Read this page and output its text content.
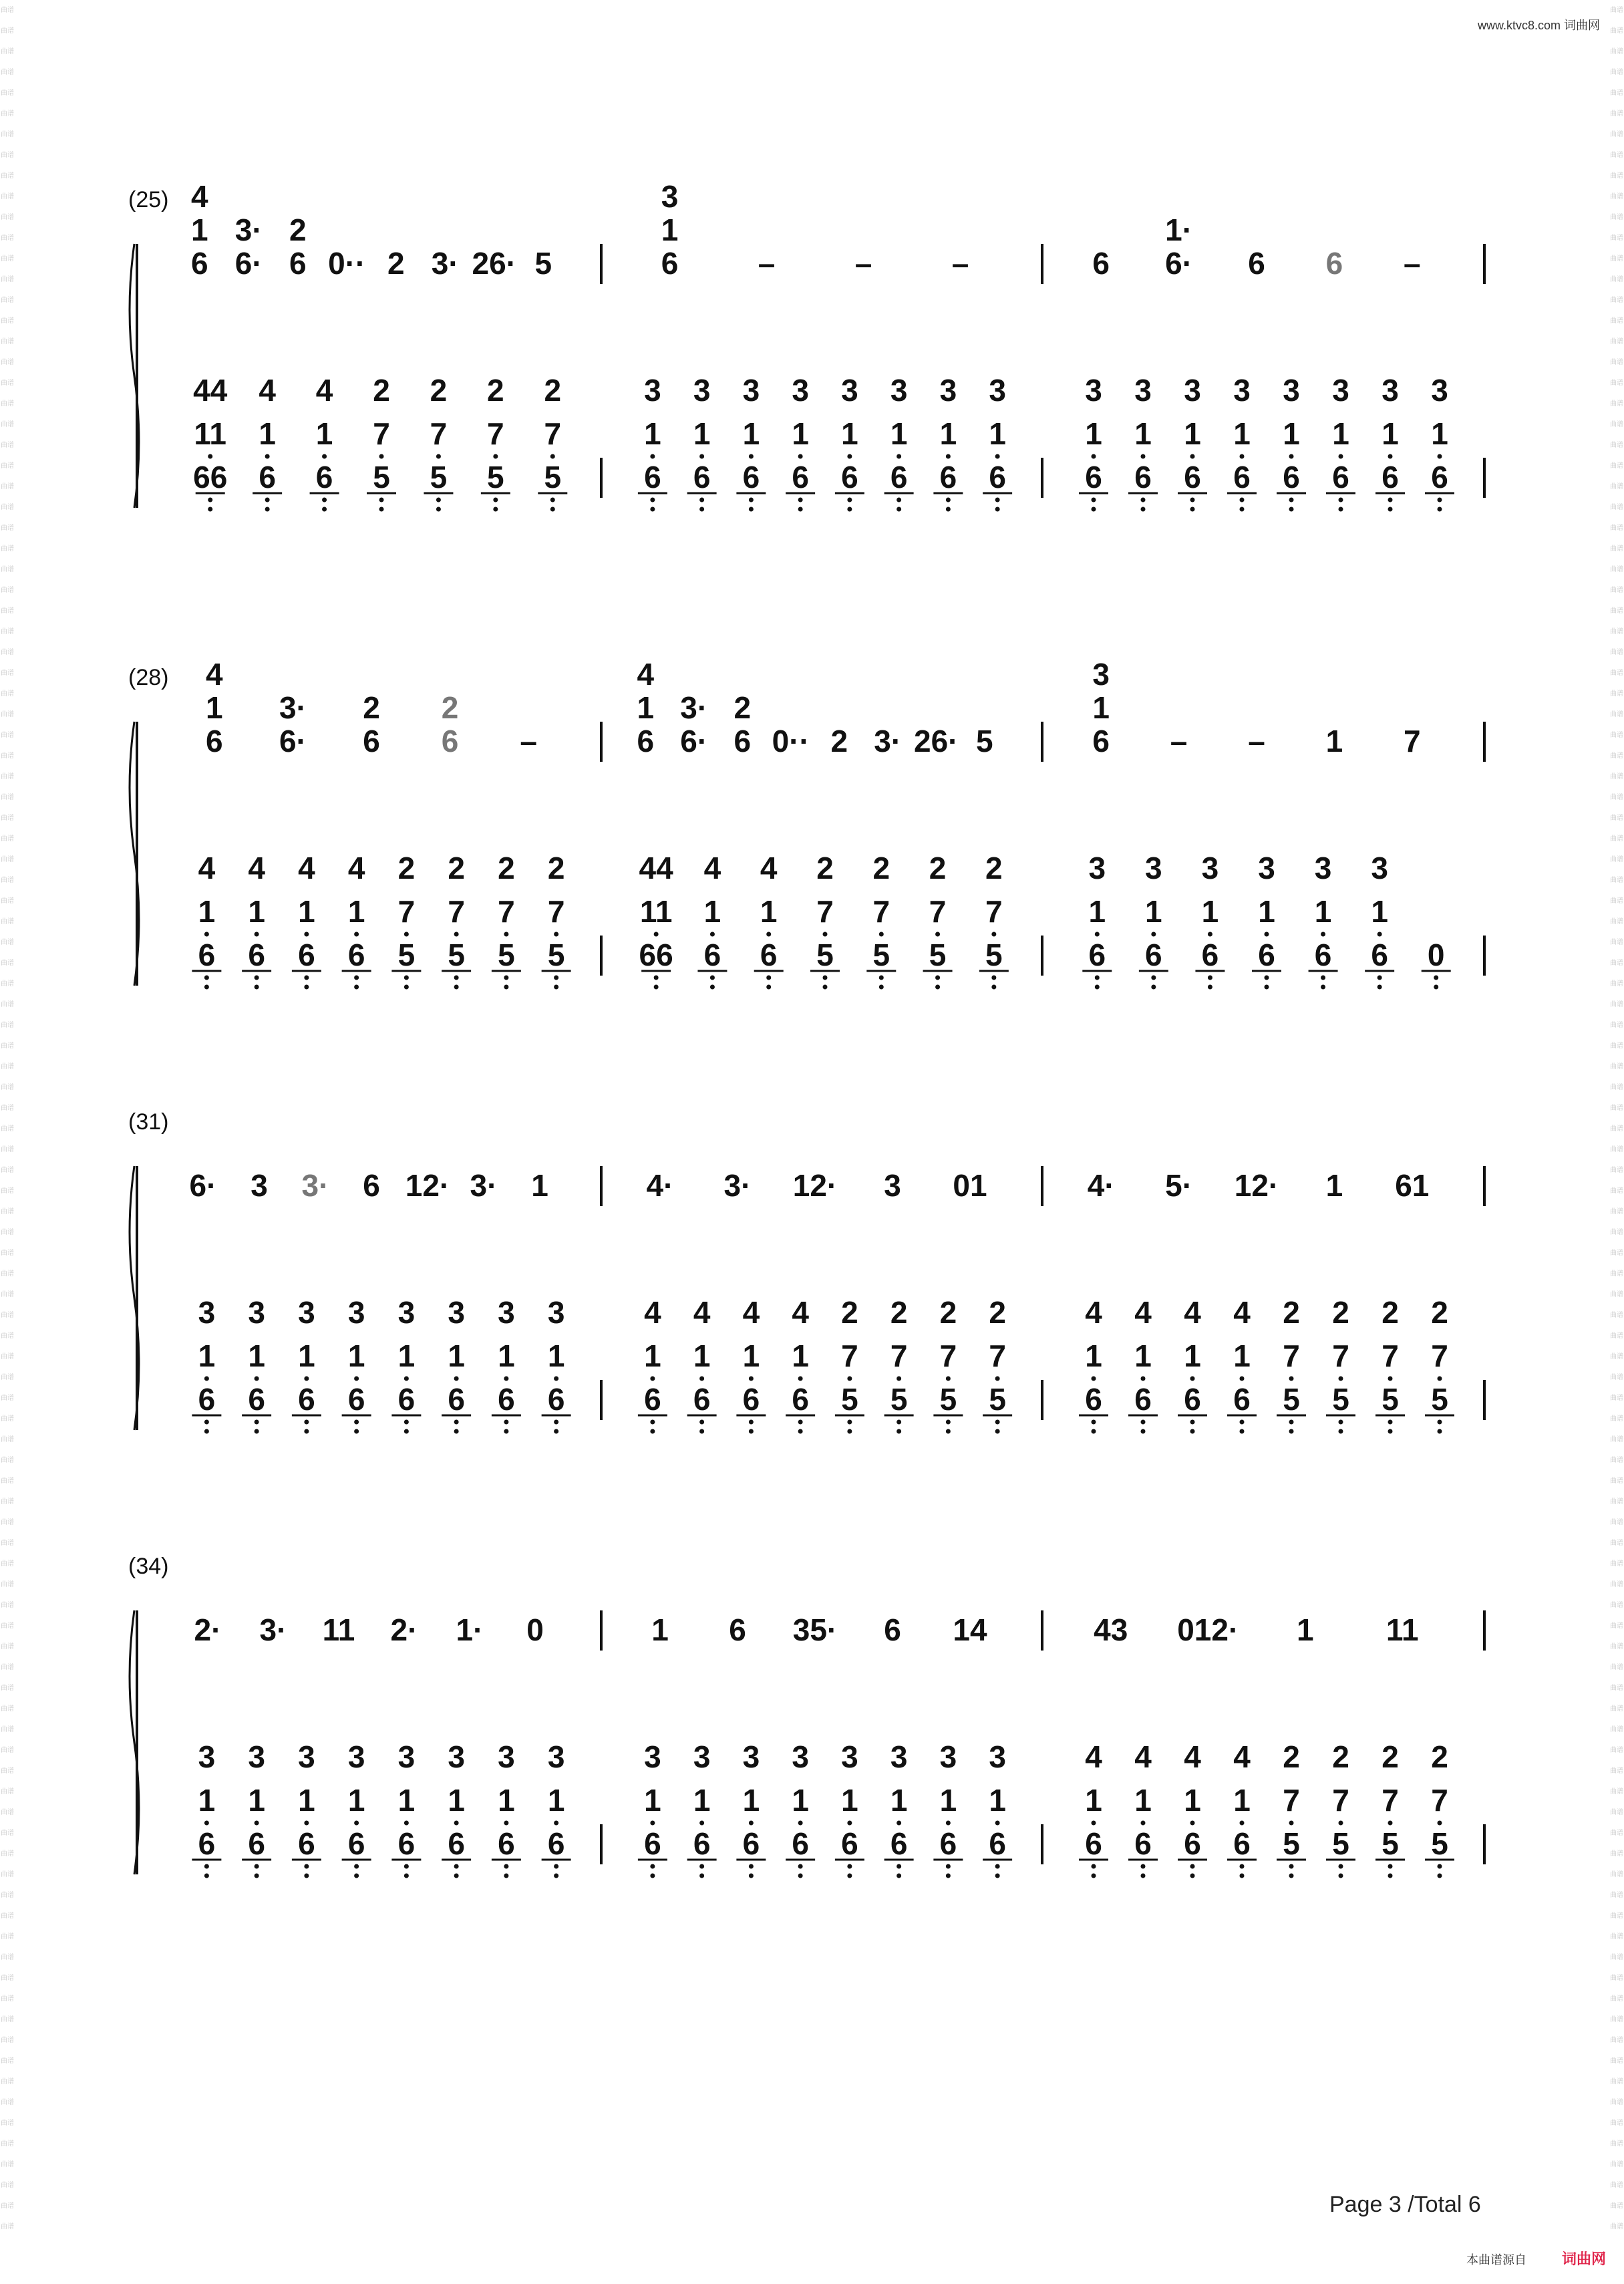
曲谱
曲谱
曲谱
曲谱
曲谱
曲谱
曲谱
曲谱
曲谱
曲谱
曲谱
曲谱
曲谱
曲谱
曲谱
曲谱
曲谱
曲谱
曲谱
曲谱
曲谱
曲谱
曲谱
曲谱
曲谱
曲谱
曲谱
曲谱
曲谱
曲谱
曲谱
曲谱
曲谱
曲谱
曲谱
曲谱
曲谱
曲谱
曲谱
曲谱
曲谱
曲谱
曲谱
曲谱
曲谱
曲谱
曲谱
曲谱
曲谱
曲谱
曲谱
曲谱
曲谱
曲谱
曲谱
曲谱
曲谱
曲谱
曲谱
曲谱
曲谱
曲谱
曲谱
曲谱
曲谱
曲谱
曲谱
曲谱
曲谱
曲谱
曲谱
曲谱
曲谱
曲谱
曲谱
曲谱
曲谱
曲谱
曲谱
曲谱
曲谱
曲谱
曲谱
曲谱
曲谱
曲谱
曲谱
曲谱
曲谱
曲谱
曲谱
曲谱
曲谱
曲谱
曲谱
曲谱
曲谱
曲谱
曲谱
曲谱
曲谱
曲谱
曲谱
曲谱
曲谱
曲谱
曲谱
曲谱
曲谱
曲谱
曲谱
曲谱
曲谱
曲谱
曲谱
曲谱
曲谱
曲谱
曲谱
曲谱
曲谱
曲谱
曲谱
曲谱
曲谱
曲谱
曲谱
曲谱
曲谱
曲谱
曲谱
曲谱
曲谱
曲谱
曲谱
曲谱
曲谱
曲谱
曲谱
曲谱
曲谱
曲谱
曲谱
曲谱
曲谱
曲谱
曲谱
曲谱
曲谱
曲谱
曲谱
曲谱
曲谱
曲谱
曲谱
曲谱
曲谱
曲谱
曲谱
曲谱
曲谱
曲谱
曲谱
曲谱
曲谱
曲谱
曲谱
曲谱
曲谱
曲谱
曲谱
曲谱
曲谱
曲谱
曲谱
曲谱
曲谱
曲谱
曲谱
曲谱
曲谱
曲谱
曲谱
曲谱
曲谱
曲谱
曲谱
曲谱
曲谱
曲谱
曲谱
曲谱
曲谱
曲谱
曲谱
曲谱
曲谱
曲谱
曲谱
曲谱
曲谱
曲谱
曲谱
曲谱
曲谱
曲谱
曲谱
曲谱
曲谱
曲谱
曲谱
曲谱
曲谱
曲谱
曲谱
曲谱
www.ktvc8.com 词曲网
(25)
6
4
1
6·
3·
6
2
0·· 2 3· 26· 5	6
3
1
–	–	–	6 6·
1·
6 6 –
44
11
66
4
1
6
4
1
6
2
7
5
2
7
5
2
7
5
2
7
5
3
1
6
3
1
6
3
1
6
3
1
6
3
1
6
3
1
6
3
1
6
3
1
6
3
1
6
3
1
6
3
1
6
3
1
6
3
1
6
3
1
6
3
1
6
3
1
6
(28)
6
4
1
6·
3·
6
2
6
2
–	6
4
1
6·
3·
6
2
0·· 2 3· 26· 5	6
3
1
– – 1 7
4
1
6
4
1
6
4
1
6
4
1
6
2
7
5
2
7
5
2
7
5
2
7
5
44
11
66
4
1
6
4
1
6
2
7
5
2
7
5
2
7
5
2
7
5
3
1
6
3
1
6
3
1
6
3
1
6
3
1
6
3
1
6 0
(31)
6· 3 3· 6 12· 3· 1	4· 3· 12· 3 01	4· 5· 12· 1 61
3
1
6
3
1
6
3
1
6
3
1
6
3
1
6
3
1
6
3
1
6
3
1
6
4
1
6
4
1
6
4
1
6
4
1
6
2
7
5
2
7
5
2
7
5
2
7
5
4
1
6
4
1
6
4
1
6
4
1
6
2
7
5
2
7
5
2
7
5
2
7
5
(34)
2· 3· 11 2· 1· 0	1 6 35· 6 14	43 012· 1 11
3
1
6
3
1
6
3
1
6
3
1
6
3
1
6
3
1
6
3
1
6
3
1
6
3
1
6
3
1
6
3
1
6
3
1
6
3
1
6
3
1
6
3
1
6
3
1
6
4
1
6
4
1
6
4
1
6
4
1
6
2
7
5
2
7
5
2
7
5
2
7
5
Page 3 /Total 6
本曲谱源自 词曲网
